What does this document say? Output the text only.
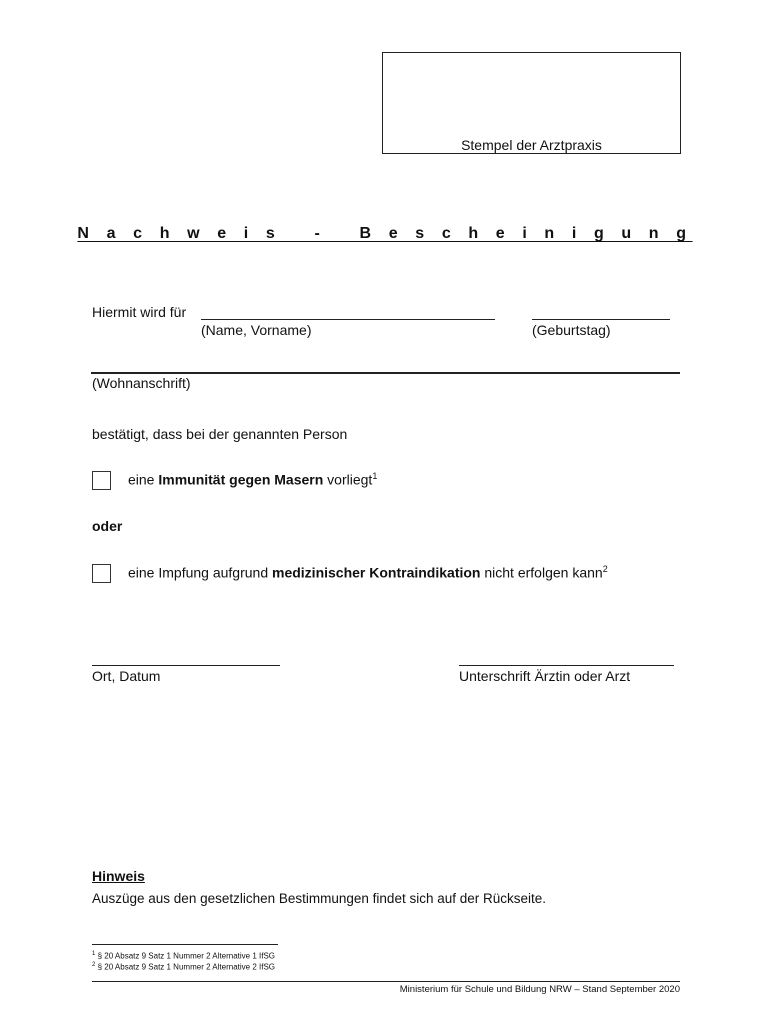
Stempel der Arztpraxis
N a c h w e i s   -   B e s c h e i n i g u n g
Hiermit wird für
(Name, Vorname)	(Geburtstag)
(Wohnanschrift)
bestätigt, dass bei der genannten Person
eine Immunität gegen Masern vorliegt$^1$
oder
eine Impfung aufgrund medizinischer Kontraindikation nicht erfolgen kann$^2$
Ort, Datum	Unterschrift Ärztin oder Arzt
Hinweis
Auszüge aus den gesetzlichen Bestimmungen findet sich auf der Rückseite.
$^1$ § 20 Absatz 9 Satz 1 Nummer 2 Alternative 1 IfSG
$^2$ § 20 Absatz 9 Satz 1 Nummer 2 Alternative 2 IfSG
Ministerium für Schule und Bildung NRW – Stand September 2020
